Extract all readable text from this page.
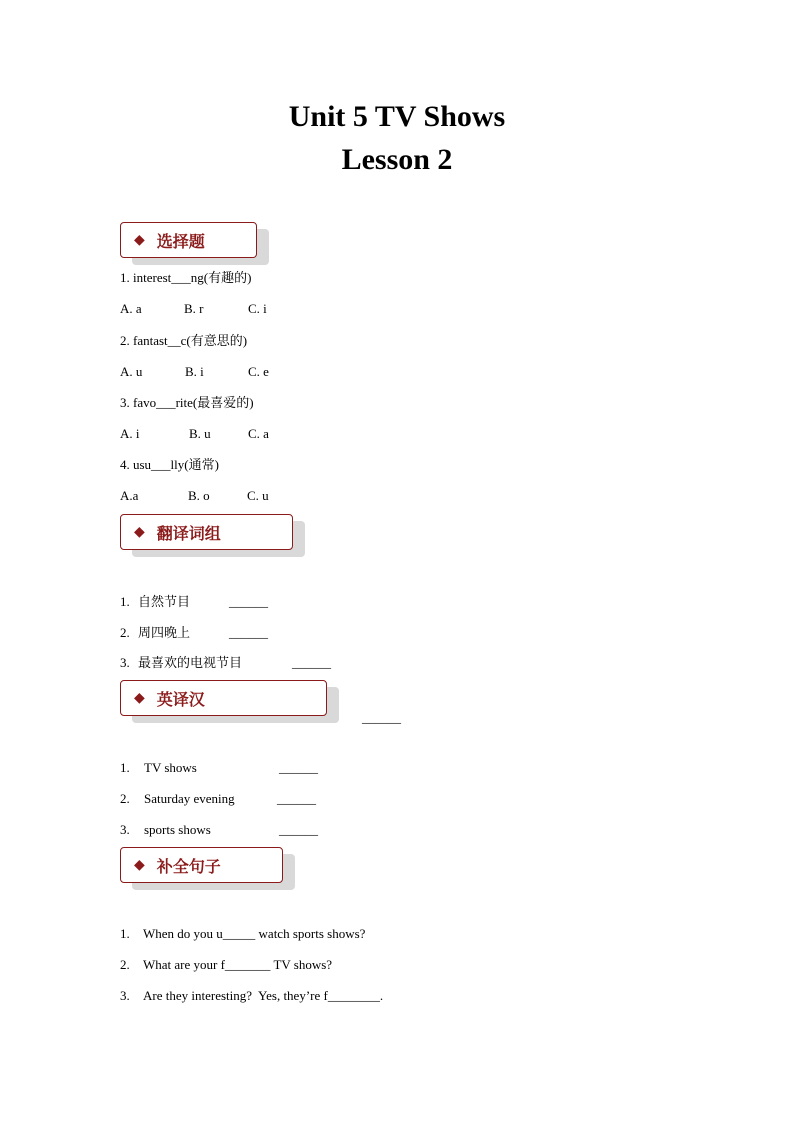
Unit 5 TV Shows
Lesson 2
◆ 选择题
1. interest___ng(有趣的)
A. a	B. r	C. i
2. fantast__c(有意思的)
A. u	B. i	C. e
3. favo___rite(最喜爱的)
A. i	B. u	C. a
4. usu___lly(通常)
A.a	B. o	C. u
◆ 翻译词组
1. 自然节目	______
2. 周四晚上	______
3. 最喜欢的电视节目	______
◆ 英译汉
______
1. TV shows	______
2. Saturday evening	______
3. sports shows	______
◆ 补全句子
1. When do you u_____ watch sports shows?
2. What are your f_______ TV shows?
3. Are they interesting?  Yes, they’re f________.
